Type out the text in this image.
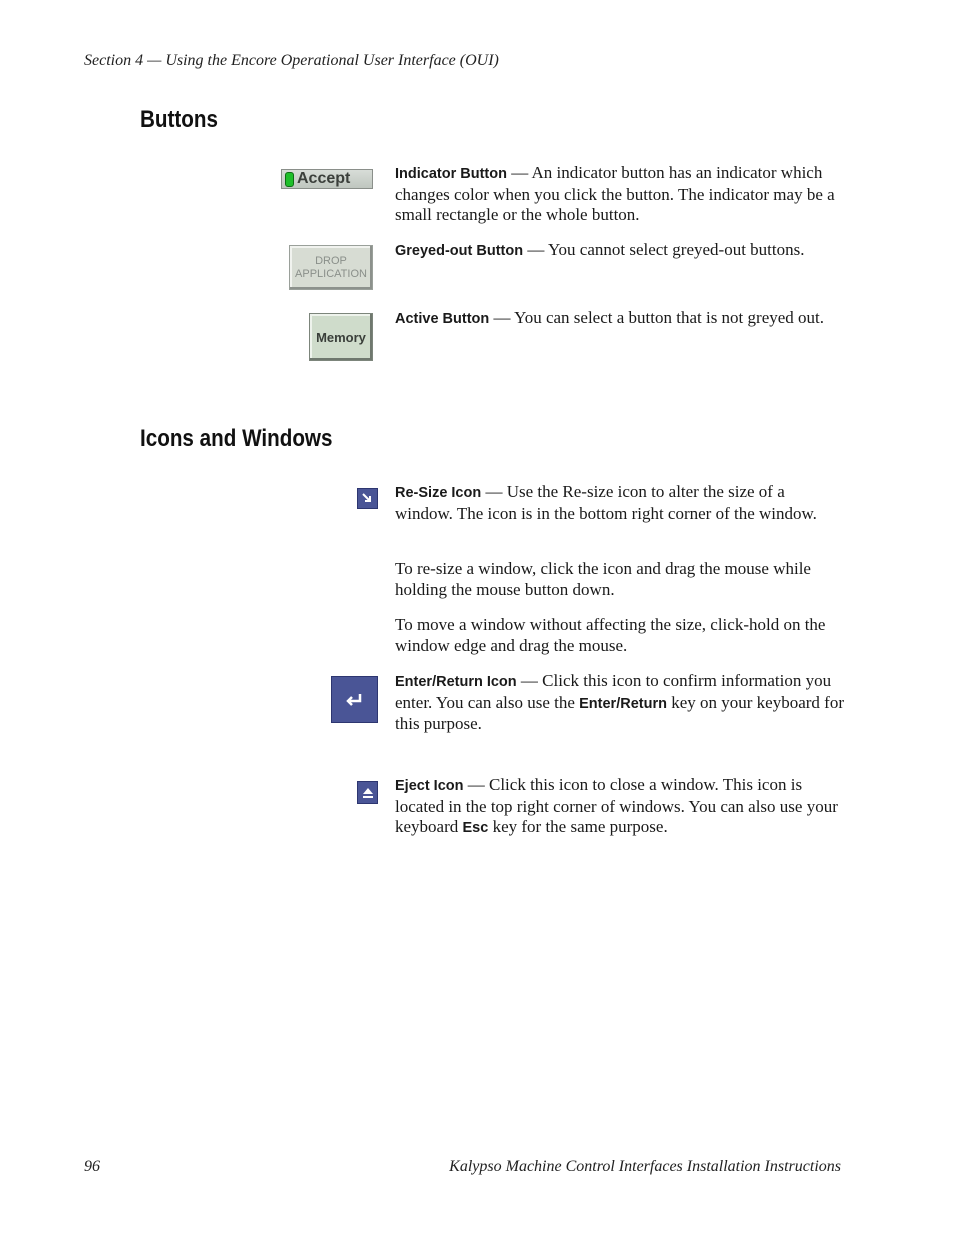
Section 4 — Using the Encore Operational User Interface (OUI)
Buttons
Accept	Indicator Button — An indicator button has an indicator which changes color when you click the button. The indicator may be a small rectangle or the whole button.

DROP
APPLICATION

Greyed-out Button — You cannot select greyed-out buttons.

Memory

Active Button — You can select a button that is not greyed out.

Icons and Windows

Re-Size Icon — Use the Re-size icon to alter the size of a window. The icon is in the bottom right corner of the window.

To re-size a window, click the icon and drag the mouse while holding the mouse button down.

To move a window without affecting the size, click-hold on the window edge and drag the mouse.

Enter/Return Icon — Click this icon to confirm information you enter. You can also use the Enter/Return key on your keyboard for this purpose.

Eject Icon — Click this icon to close a window. This icon is located in the top right corner of windows. You can also use your keyboard Esc key for the same purpose.

96	Kalypso Machine Control Interfaces Installation Instructions
